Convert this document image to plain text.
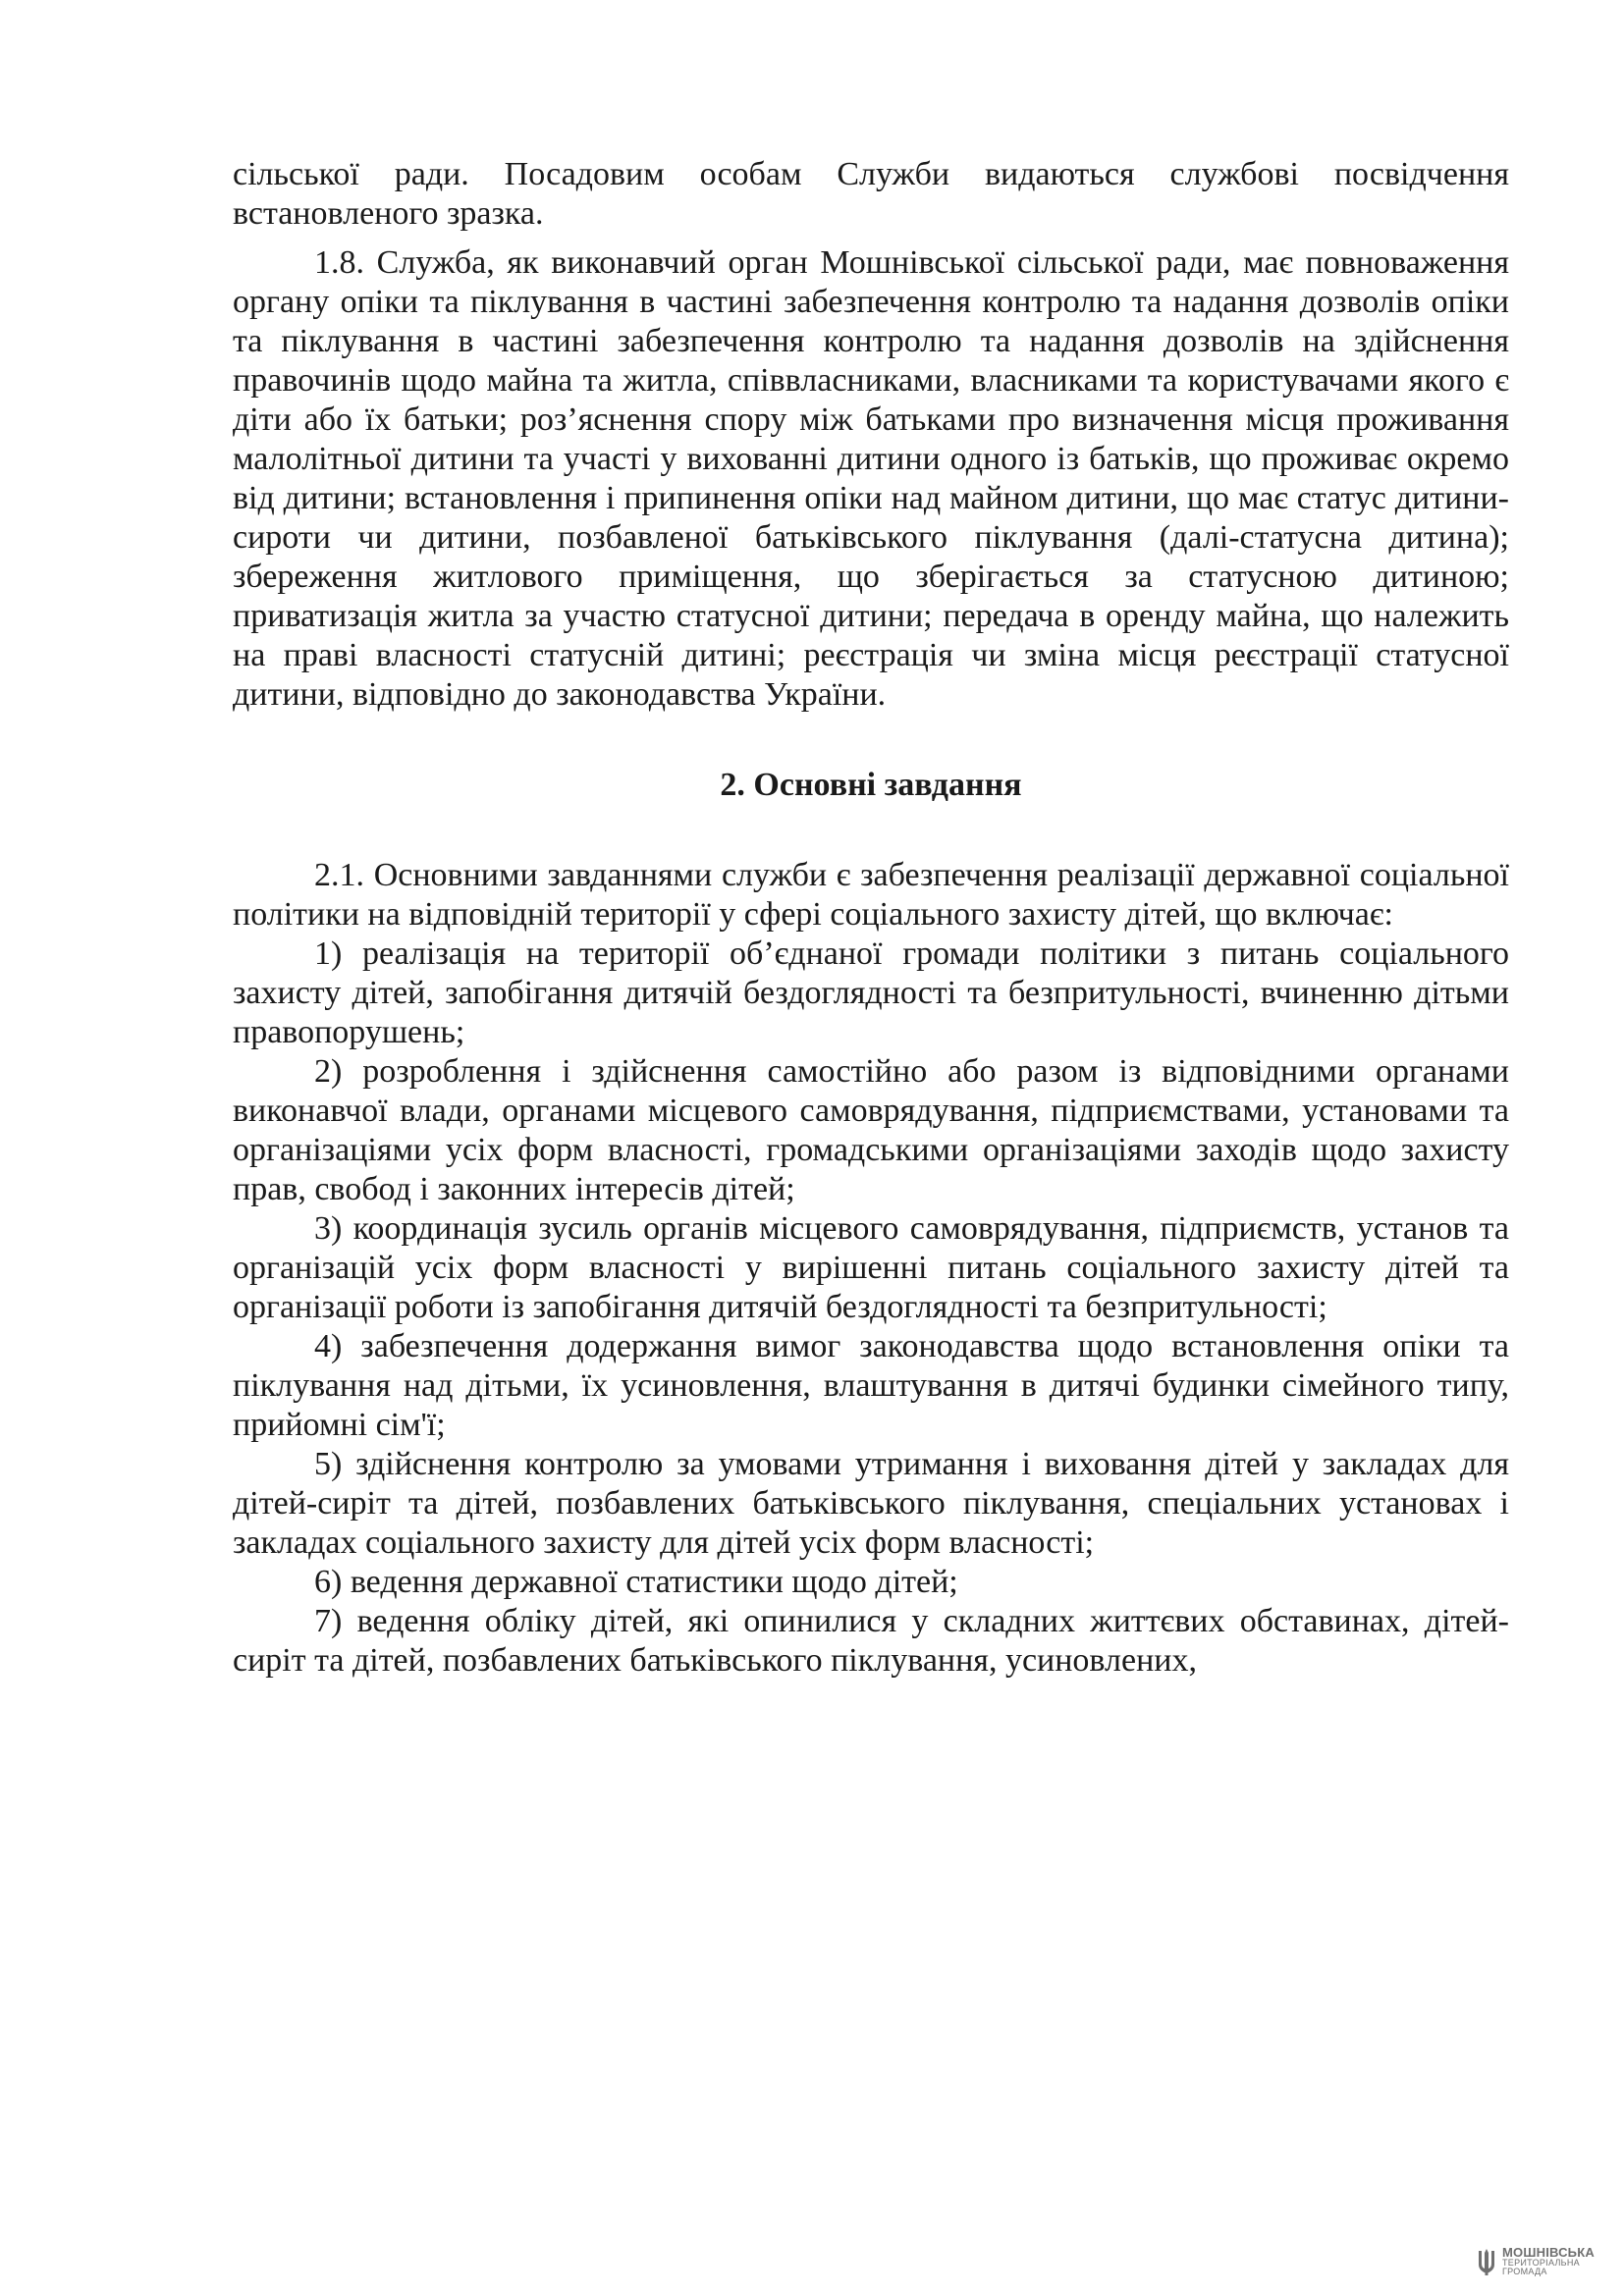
сільської ради. Посадовим особам Служби видаються службові посвідчення встановленого зразка.

1.8. Служба, як виконавчий орган Мошнівської сільської ради, має повноваження органу опіки та піклування в частині забезпечення контролю та надання дозволів опіки та піклування в частині забезпечення контролю та надання дозволів на здійснення правочинів щодо майна та житла, співвласниками, власниками та користувачами якого є діти або їх батьки; роз’яснення спору між батьками про визначення місця проживання малолітньої дитини та участі у вихованні дитини одного із батьків, що проживає окремо від дитини; встановлення і припинення опіки над майном дитини, що має статус дитини-сироти чи дитини, позбавленої батьківського піклування (далі-статусна дитина); збереження житлового приміщення, що зберігається за статусною дитиною; приватизація житла за участю статусної дитини; передача в оренду майна, що належить на праві власності статусній дитині; реєстрація чи зміна місця реєстрації статусної дитини, відповідно до законодавства України.

2. Основні завдання

2.1. Основними завданнями служби є забезпечення реалізації державної соціальної політики на відповідній території у сфері соціального захисту дітей, що включає:

1) реалізація на території об’єднаної громади політики з питань соціального захисту дітей, запобігання дитячій бездоглядності та безпритульності, вчиненню дітьми правопорушень;

2) розроблення і здійснення самостійно або разом із відповідними органами виконавчої влади, органами місцевого самоврядування, підприємствами, установами та організаціями усіх форм власності, громадськими організаціями заходів щодо захисту прав, свобод і законних інтересів дітей;

3) координація зусиль органів місцевого самоврядування, підприємств, установ та організацій усіх форм власності у вирішенні питань соціального захисту дітей та організації роботи із запобігання дитячій бездоглядності та безпритульності;

4) забезпечення додержання вимог законодавства щодо встановлення опіки та піклування над дітьми, їх усиновлення, влаштування в дитячі будинки сімейного типу, прийомні сім'ї;

5) здійснення контролю за умовами утримання і виховання дітей у закладах для дітей-сиріт та дітей, позбавлених батьківського піклування, спеціальних установах і закладах соціального захисту для дітей усіх форм власності;

6) ведення державної статистики щодо дітей;

7) ведення обліку дітей, які опинилися у складних життєвих обставинах, дітей-сиріт та дітей, позбавлених батьківського піклування, усиновлених,

МОШНІВСЬКА
ТЕРИТОРІАЛЬНА
ГРОМАДА
